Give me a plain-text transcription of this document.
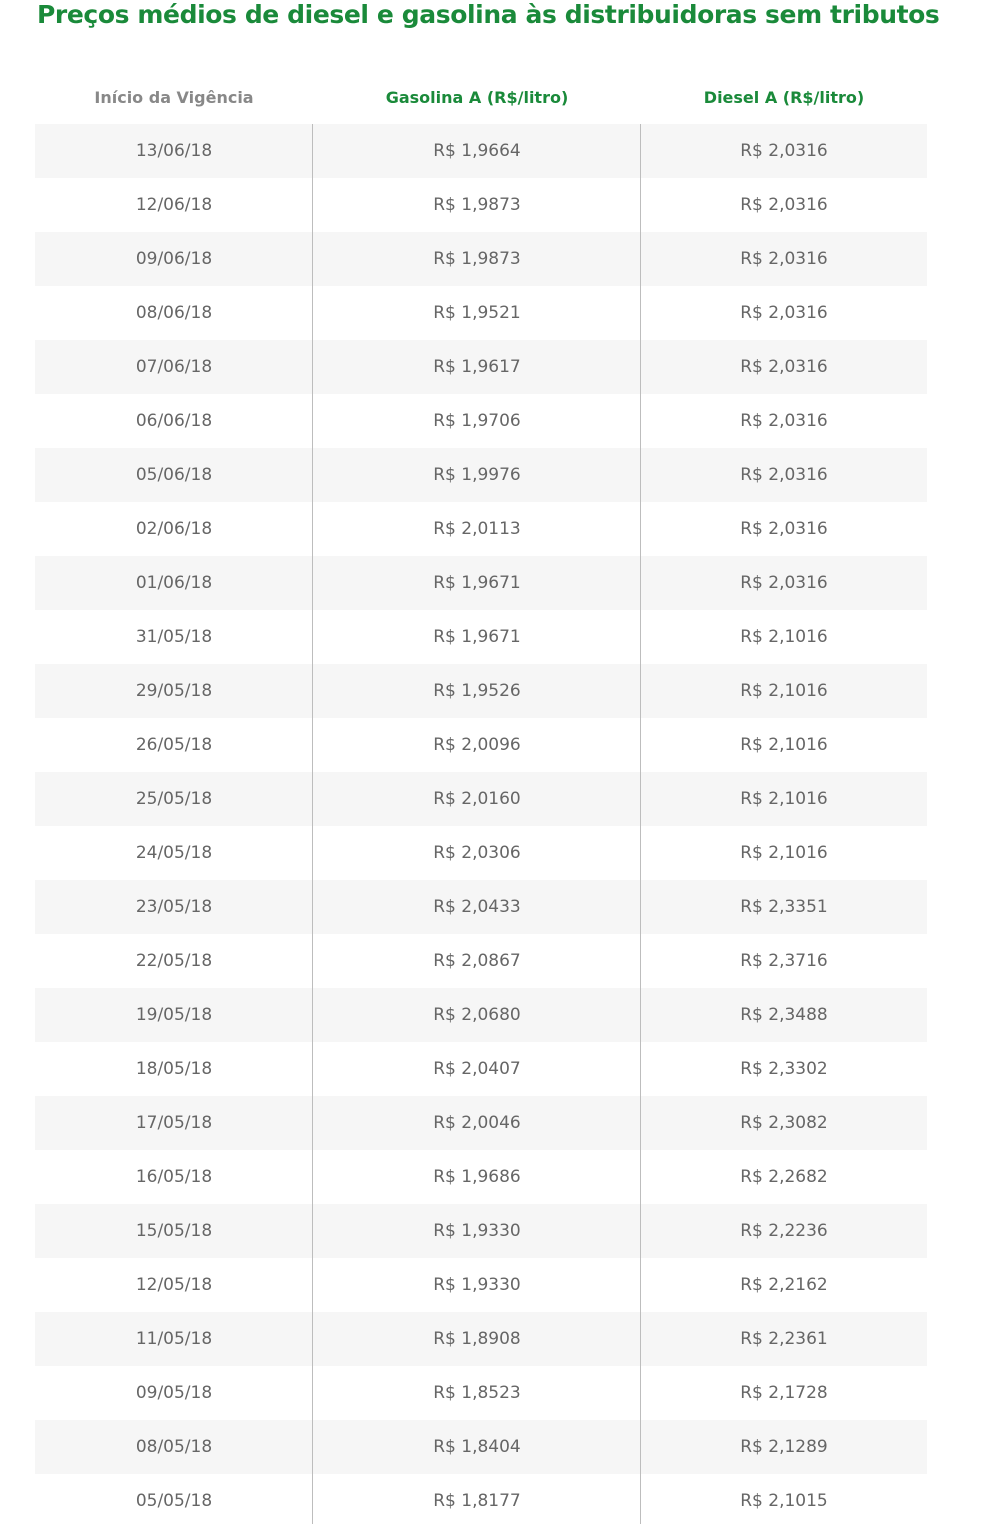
Preços médios de diesel e gasolina às distribuidoras sem tributos
Início da Vigência	Gasolina A (R$/litro)	Diesel A (R$/litro)
13/06/18	R$ 1,9664	R$ 2,0316
12/06/18	R$ 1,9873	R$ 2,0316
09/06/18	R$ 1,9873	R$ 2,0316
08/06/18	R$ 1,9521	R$ 2,0316
07/06/18	R$ 1,9617	R$ 2,0316
06/06/18	R$ 1,9706	R$ 2,0316
05/06/18	R$ 1,9976	R$ 2,0316
02/06/18	R$ 2,0113	R$ 2,0316
01/06/18	R$ 1,9671	R$ 2,0316
31/05/18	R$ 1,9671	R$ 2,1016
29/05/18	R$ 1,9526	R$ 2,1016
26/05/18	R$ 2,0096	R$ 2,1016
25/05/18	R$ 2,0160	R$ 2,1016
24/05/18	R$ 2,0306	R$ 2,1016
23/05/18	R$ 2,0433	R$ 2,3351
22/05/18	R$ 2,0867	R$ 2,3716
19/05/18	R$ 2,0680	R$ 2,3488
18/05/18	R$ 2,0407	R$ 2,3302
17/05/18	R$ 2,0046	R$ 2,3082
16/05/18	R$ 1,9686	R$ 2,2682
15/05/18	R$ 1,9330	R$ 2,2236
12/05/18	R$ 1,9330	R$ 2,2162
11/05/18	R$ 1,8908	R$ 2,2361
09/05/18	R$ 1,8523	R$ 2,1728
08/05/18	R$ 1,8404	R$ 2,1289
05/05/18	R$ 1,8177	R$ 2,1015
